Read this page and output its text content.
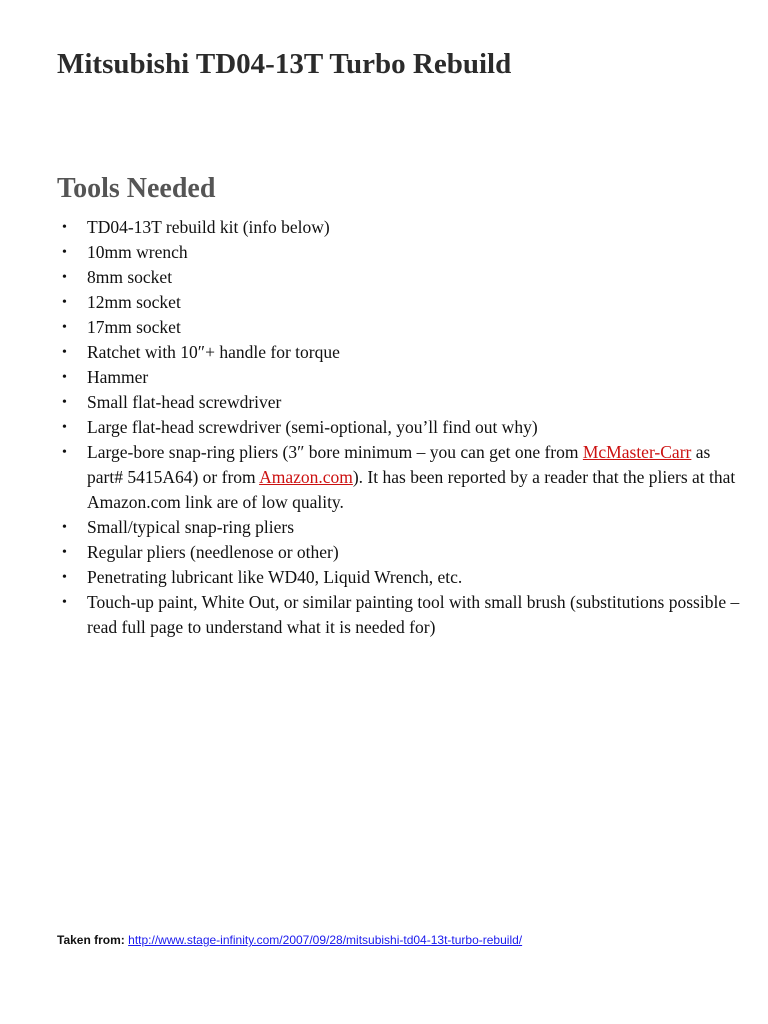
Mitsubishi TD04-13T Turbo Rebuild
Tools Needed
• TD04-13T rebuild kit (info below)
• 10mm wrench
• 8mm socket
• 12mm socket
• 17mm socket
• Ratchet with 10″+ handle for torque
• Hammer
• Small flat-head screwdriver
• Large flat-head screwdriver (semi-optional, you’ll find out why)
• Large-bore snap-ring pliers (3″ bore minimum – you can get one from McMaster-Carr as part# 5415A64) or from Amazon.com). It has been reported by a reader that the pliers at that Amazon.com link are of low quality.
• Small/typical snap-ring pliers
• Regular pliers (needlenose or other)
• Penetrating lubricant like WD40, Liquid Wrench, etc.
• Touch-up paint, White Out, or similar painting tool with small brush (substitutions possible – read full page to understand what it is needed for)
Taken from: http://www.stage-infinity.com/2007/09/28/mitsubishi-td04-13t-turbo-rebuild/
